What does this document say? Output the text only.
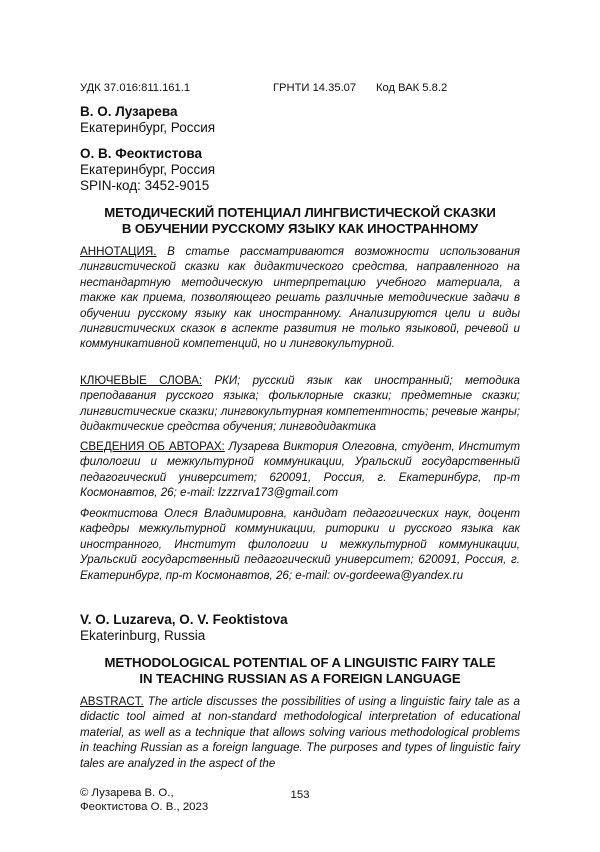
УДК 37.016:811.161.1	ГРНТИ 14.35.07 Код ВАК 5.8.2
В. О. Лузарева
Екатеринбург, Россия
О. В. Феоктистова
Екатеринбург, Россия
SPIN-код: 3452-9015
МЕТОДИЧЕСКИЙ ПОТЕНЦИАЛ ЛИНГВИСТИЧЕСКОЙ СКАЗКИ
В ОБУЧЕНИИ РУССКОМУ ЯЗЫКУ КАК ИНОСТРАННОМУ
АННОТАЦИЯ. В статье рассматриваются возможности использования лингвистической сказки как дидактического средства, направленного на нестандартную методическую интерпретацию учебного материала, а также как приема, позволяющего решать различные методические задачи в обучении русскому языку как иностранному. Анализируются цели и виды лингвистических сказок в аспекте развития не только языковой, речевой и коммуникативной компетенций, но и лингвокультурной.
КЛЮЧЕВЫЕ СЛОВА: РКИ; русский язык как иностранный; методика преподавания русского языка; фольклорные сказки; предметные сказки; лингвистические сказки; лингвокультурная компетентность; речевые жанры; дидактические средства обучения; лингводидактика
СВЕДЕНИЯ ОБ АВТОРАХ: Лузарева Виктория Олеговна, студент, Институт филологии и межкультурной коммуникации, Уральский государственный педагогический университет; 620091, Россия, г. Екатеринбург, пр-т Космонавтов, 26; e-mail: lzzzrva173@gmail.com
Феоктистова Олеся Владимировна, кандидат педагогических наук, доцент кафедры межкультурной коммуникации, риторики и русского языка как иностранного, Институт филологии и межкультурной коммуникации, Уральский государственный педагогический университет; 620091, Россия, г. Екатеринбург, пр-т Космонавтов, 26; e-mail: ov-gordeewa@yandex.ru
V. O. Luzareva, O. V. Feoktistova
Ekaterinburg, Russia
METHODOLOGICAL POTENTIAL OF A LINGUISTIC FAIRY TALE
IN TEACHING RUSSIAN AS A FOREIGN LANGUAGE
ABSTRACT. The article discusses the possibilities of using a linguistic fairy tale as a didactic tool aimed at non-standard methodological interpretation of educational material, as well as a technique that allows solving various methodological problems in teaching Russian as a foreign language. The purposes and types of linguistic fairy tales are analyzed in the aspect of the
© Лузарева В. О.,
Феоктистова О. В., 2023
153
